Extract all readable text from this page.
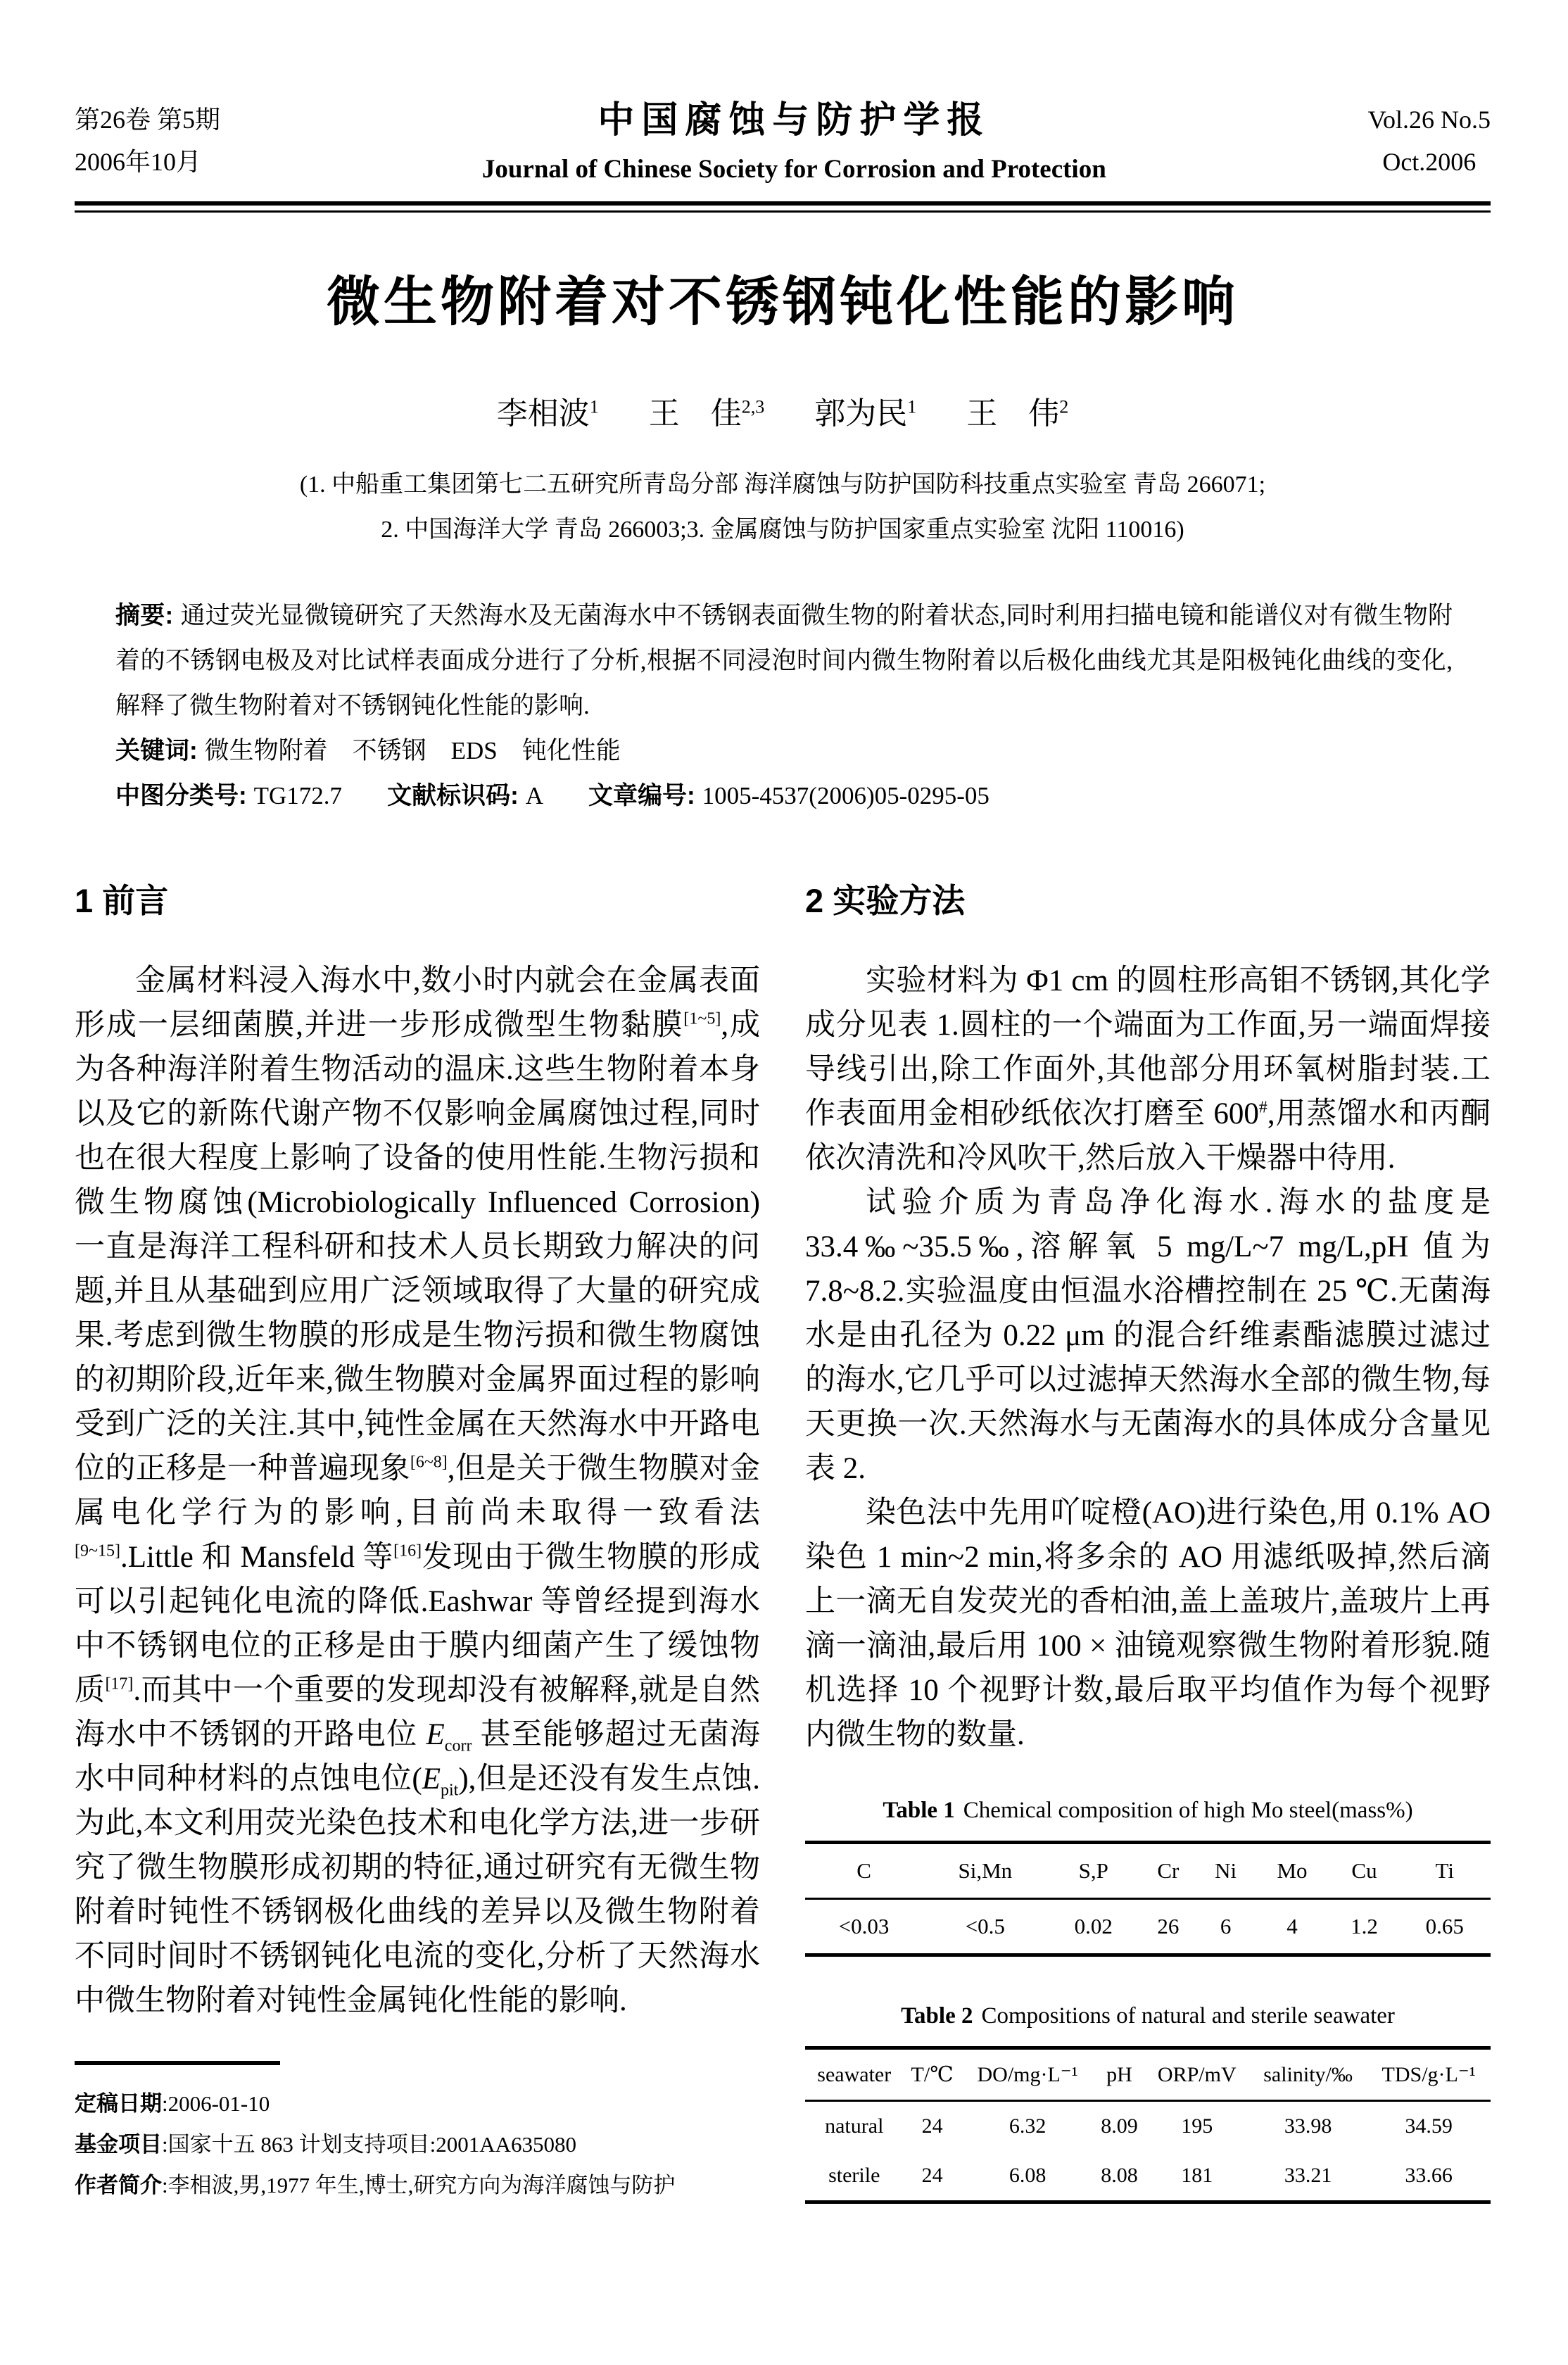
第26卷 第5期
2006年10月
中国腐蚀与防护学报
Journal of Chinese Society for Corrosion and Protection
Vol.26 No.5
Oct.2006
微生物附着对不锈钢钝化性能的影响
李相波$^1$ 王　佳$^{2,3}$ 郭为民$^1$ 王　伟$^2$
(1. 中船重工集团第七二五研究所青岛分部 海洋腐蚀与防护国防科技重点实验室 青岛 266071;
2. 中国海洋大学 青岛 266003;3. 金属腐蚀与防护国家重点实验室 沈阳 110016)

摘要: 通过荧光显微镜研究了天然海水及无菌海水中不锈钢表面微生物的附着状态,同时利用扫描电镜和能谱仪对有微生物附着的不锈钢电极及对比试样表面成分进行了分析,根据不同浸泡时间内微生物附着以后极化曲线尤其是阳极钝化曲线的变化,解释了微生物附着对不锈钢钝化性能的影响.

关键词: 微生物附着　不锈钢　EDS　钝化性能

中图分类号: TG172.7 文献标识码: A 文章编号: 1005-4537(2006)05-0295-05

1 前言

金属材料浸入海水中,数小时内就会在金属表面形成一层细菌膜,并进一步形成微型生物黏膜[1~5],成为各种海洋附着生物活动的温床.这些生物附着本身以及它的新陈代谢产物不仅影响金属腐蚀过程,同时也在很大程度上影响了设备的使用性能.生物污损和微生物腐蚀(Microbiologically Influenced Corrosion)一直是海洋工程科研和技术人员长期致力解决的问题,并且从基础到应用广泛领域取得了大量的研究成果.考虑到微生物膜的形成是生物污损和微生物腐蚀的初期阶段,近年来,微生物膜对金属界面过程的影响受到广泛的关注.其中,钝性金属在天然海水中开路电位的正移是一种普遍现象[6~8],但是关于微生物膜对金属电化学行为的影响,目前尚未取得一致看法[9~15].Little 和 Mansfeld 等[16]发现由于微生物膜的形成可以引起钝化电流的降低.Eashwar 等曾经提到海水中不锈钢电位的正移是由于膜内细菌产生了缓蚀物质[17].而其中一个重要的发现却没有被解释,就是自然海水中不锈钢的开路电位 $E_{corr}$ 甚至能够超过无菌海水中同种材料的点蚀电位$(E_{pit})$,但是还没有发生点蚀.为此,本文利用荧光染色技术和电化学方法,进一步研究了微生物膜形成初期的特征,通过研究有无微生物附着时钝性不锈钢极化曲线的差异以及微生物附着不同时间时不锈钢钝化电流的变化,分析了天然海水中微生物附着对钝性金属钝化性能的影响.

定稿日期:2006-01-10
基金项目:国家十五 863 计划支持项目:2001AA635080
作者简介:李相波,男,1977 年生,博士,研究方向为海洋腐蚀与防护
2 实验方法

实验材料为 Φ1 cm 的圆柱形高钼不锈钢,其化学成分见表 1.圆柱的一个端面为工作面,另一端面焊接导线引出,除工作面外,其他部分用环氧树脂封装.工作表面用金相砂纸依次打磨至 600#,用蒸馏水和丙酮依次清洗和冷风吹干,然后放入干燥器中待用.

试验介质为青岛净化海水.海水的盐度是 33.4‰~35.5‰,溶解氧 5 mg/L~7 mg/L,pH 值为 7.8~8.2.实验温度由恒温水浴槽控制在 25 ℃.无菌海水是由孔径为 0.22 μm 的混合纤维素酯滤膜过滤过的海水,它几乎可以过滤掉天然海水全部的微生物,每天更换一次.天然海水与无菌海水的具体成分含量见表 2.

染色法中先用吖啶橙(AO)进行染色,用 0.1% AO 染色 1 min~2 min,将多余的 AO 用滤纸吸掉,然后滴上一滴无自发荧光的香柏油,盖上盖玻片,盖玻片上再滴一滴油,最后用 100 × 油镜观察微生物附着形貌.随机选择 10 个视野计数,最后取平均值作为每个视野内微生物的数量.

Table 1 Chemical composition of high Mo steel(mass%)
C	Si,Mn	S,P	Cr	Ni	Mo	Cu	Ti
<0.03	<0.5	0.02	26	6	4	1.2	0.65
Table 2 Compositions of natural and sterile seawater
seawater	T/℃	DO/mg·L⁻¹	pH	ORP/mV	salinity/‰	TDS/g·L⁻¹
natural	24	6.32	8.09	195	33.98	34.59
sterile	24	6.08	8.08	181	33.21	33.66
